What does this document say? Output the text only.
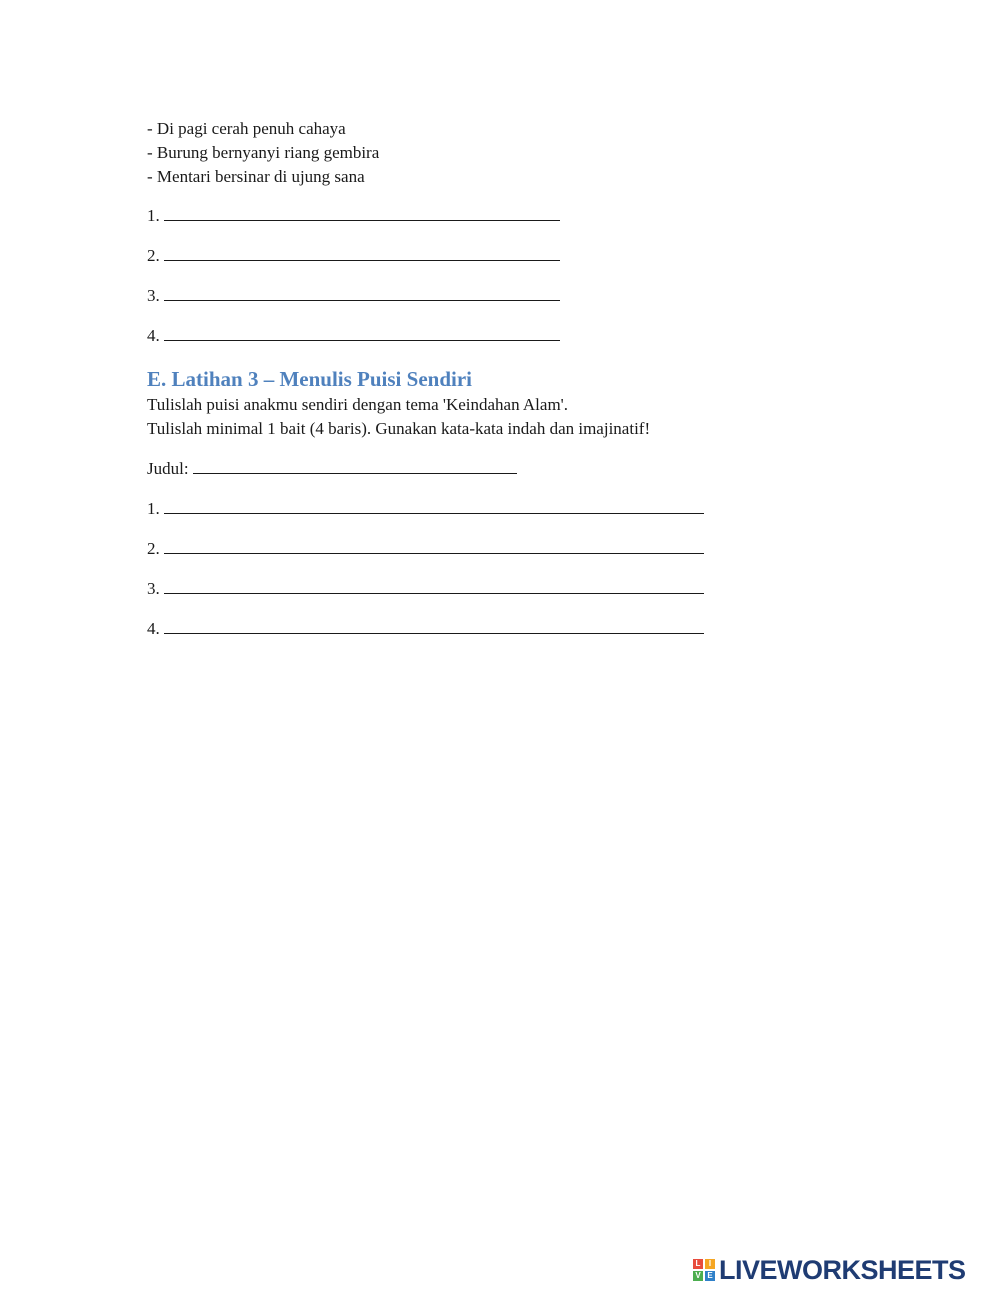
- Di pagi cerah penuh cahaya
- Burung bernyanyi riang gembira
- Mentari bersinar di ujung sana
1.
2.
3.
4.
E. Latihan 3 – Menulis Puisi Sendiri
Tulislah puisi anakmu sendiri dengan tema 'Keindahan Alam'.
Tulislah minimal 1 bait (4 baris). Gunakan kata-kata indah dan imajinatif!
Judul:
1.
2.
3.
4.
L	I
V E LIVEWORKSHEETS
